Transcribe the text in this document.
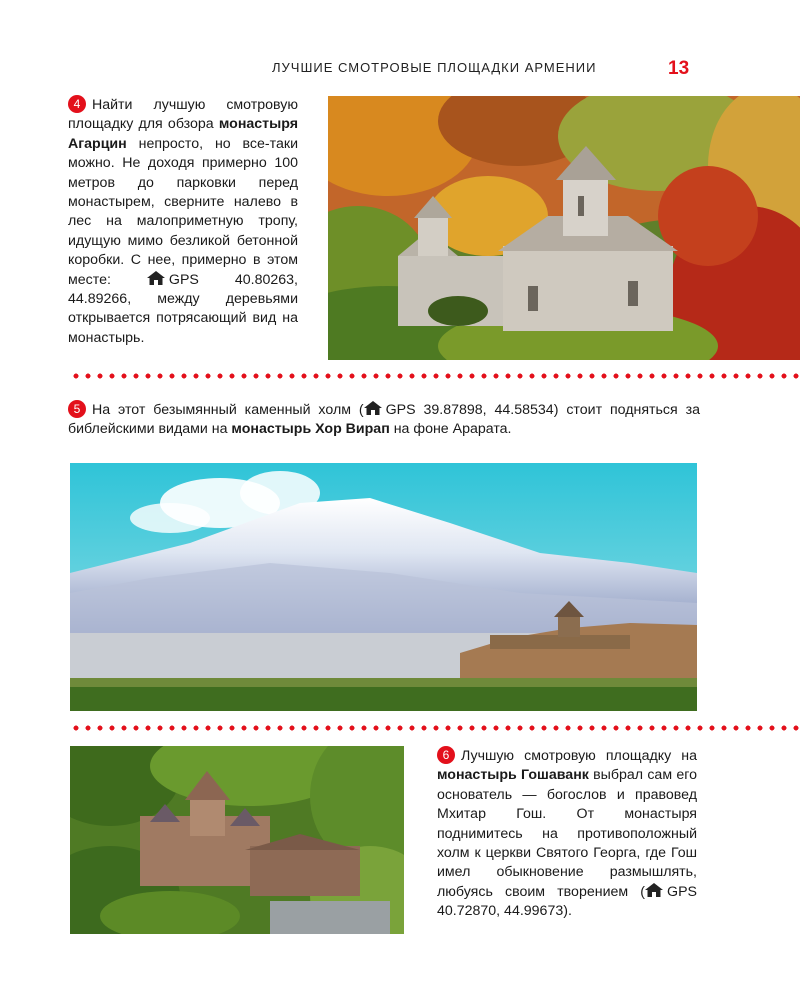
ЛУЧШИЕ СМОТРОВЫЕ ПЛОЩАДКИ АРМЕНИИ	13
4 Найти лучшую смотровую площадку для обзора монастыря Агарцин непросто, но все-таки можно. Не доходя примерно 100 метров до парковки перед монастырем, сверните налево в лес на малоприметную тропу, идущую мимо безликой бетонной коробки. С нее, примерно в этом месте: GPS 40.80263, 44.89266, между деревьями открывается потрясающий вид на монастырь.
5 На этот безымянный каменный холм ( GPS 39.87898, 44.58534) стоит подняться за библейскими видами на монастырь Хор Вирап на фоне Арарата.
6 Лучшую смотровую площадку на монастырь Гошаванк выбрал сам его основатель — богослов и правовед Мхитар Гош. От монастыря поднимитесь на противоположный холм к церкви Святого Георга, где Гош имел обыкновение размышлять, любуясь своим творением ( GPS 40.72870, 44.99673).
